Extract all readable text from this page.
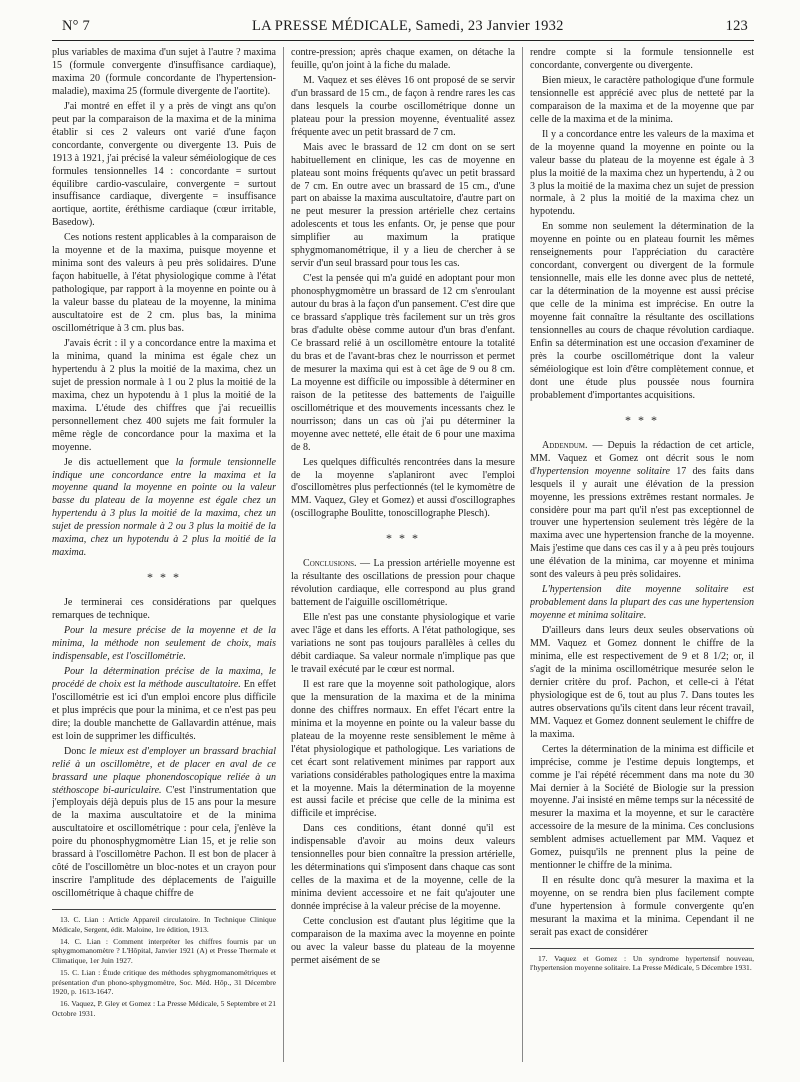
N° 7	LA PRESSE MÉDICALE, Samedi, 23 Janvier 1932	123

plus variables de maxima d'un sujet à l'autre ? maxima 15 (formule convergente d'insuffisance cardiaque), maxima 20 (formule concordante de l'hypertension-maladie), maxima 25 (formule divergente de l'aortite).

J'ai montré en effet il y a près de vingt ans qu'on peut par la comparaison de la maxima et de la minima établir si ces 2 valeurs ont varié d'une façon concordante, convergente ou divergente 13. Puis de 1913 à 1921, j'ai précisé la valeur séméiologique de ces formules tensionnelles 14 : concordante = surtout équilibre cardio-vasculaire, convergente = surtout insuffisance cardiaque, divergente = insuffisance aortique, aortite, éréthisme cardiaque (cœur irritable, Basedow).

Ces notions restent applicables à la comparaison de la moyenne et de la maxima, puisque moyenne et minima sont des valeurs à peu près solidaires. D'une façon habituelle, à l'état physiologique comme à l'état pathologique, par rapport à la moyenne en pointe ou à la valeur basse du plateau de la moyenne, la minima auscultatoire est de 2 cm. plus bas, la minima oscillométrique à 3 cm. plus bas.

J'avais écrit : il y a concordance entre la maxima et la minima, quand la minima est égale chez un hypertendu à 2 plus la moitié de la maxima, chez un sujet de pression normale à 1 ou 2 plus la moitié de la maxima, chez un hypotendu à 1 plus la moitié de la maxima. L'étude des chiffres que j'ai recueillis personnellement chez 400 sujets me fait formuler la même règle de concordance pour la maxima et la moyenne.

Je dis actuellement que la formule tensionnelle indique une concordance entre la maxima et la moyenne quand la moyenne en pointe ou la valeur basse du plateau de la moyenne est égale chez un hypertendu à 3 plus la moitié de la maxima, chez un sujet de pression normale à 2 ou 3 plus la moitié de la maxima, chez un hypotendu à 2 plus la moitié de la maxima.

* * *

Je terminerai ces considérations par quelques remarques de technique.

Pour la mesure précise de la moyenne et de la minima, la méthode non seulement de choix, mais indispensable, est l'oscillométrie.

Pour la détermination précise de la maxima, le procédé de choix est la méthode auscultatoire. En effet l'oscillométrie est ici d'un emploi encore plus difficile et plus imprécis que pour la minima, et ce n'est pas peu dire; la double manchette de Gallavardin atténue, mais est loin de supprimer les difficultés.

Donc le mieux est d'employer un brassard brachial relié à un oscillomètre, et de placer en aval de ce brassard une plaque phonendoscopique reliée à un stéthoscope bi-auriculaire. C'est l'instrumentation que j'employais déjà depuis plus de 15 ans pour la mesure de la maxima auscultatoire et de la minima auscultatoire et oscillométrique : pour cela, j'enlève la poire du phonosphygmomètre Lian 15, et je relie son brassard à l'oscillomètre Pachon. Il est bon de placer à côté de l'oscillomètre un bloc-notes et un crayon pour inscrire l'amplitude des déplacements de l'aiguille oscillométrique à chaque chiffre de

13. C. Lian : Article Appareil circulatoire. In Technique Clinique Médicale, Sergent, édit. Maloine, 1re édition, 1913.

14. C. Lian : Comment interpréter les chiffres fournis par un sphygmomanomètre ? L'Hôpital, Janvier 1921 (A) et Presse Thermale et Climatique, 1er Juin 1927.

15. C. Lian : Étude critique des méthodes sphygmomanométriques et présentation d'un phono-sphygmomètre, Soc. Méd. Hôp., 31 Décembre 1920, p. 1613-1647.

16. Vaquez, P. Gley et Gomez : La Presse Médicale, 5 Septembre et 21 Octobre 1931.

contre-pression; après chaque examen, on détache la feuille, qu'on joint à la fiche du malade.

M. Vaquez et ses élèves 16 ont proposé de se servir d'un brassard de 15 cm., de façon à rendre rares les cas dans lesquels la courbe oscillométrique donne un plateau pour la pression moyenne, éventualité assez fréquente avec un petit brassard de 7 cm.

Mais avec le brassard de 12 cm dont on se sert habituellement en clinique, les cas de moyenne en plateau sont moins fréquents qu'avec un petit brassard de 7 cm. En outre avec un brassard de 15 cm., d'une part on abaisse la maxima auscultatoire, d'autre part on ne peut mesurer la pression artérielle chez certains adolescents et tous les enfants. Or, je pense que pour simplifier au maximum la pratique sphygmomanométrique, il y a lieu de chercher à se servir d'un seul brassard pour tous les cas.

C'est la pensée qui m'a guidé en adoptant pour mon phonosphygmomètre un brassard de 12 cm s'enroulant autour du bras à la façon d'un pansement. C'est dire que ce brassard s'applique très facilement sur un très gros bras d'adulte obèse comme autour d'un bras d'enfant. Ce brassard relié à un oscillomètre entoure la totalité du bras et de l'avant-bras chez le nourrisson et permet de mesurer la maxima qui est à cet âge de 9 ou 8 cm. La moyenne est difficile ou impossible à déterminer en raison de la petitesse des battements de l'aiguille oscillométrique et des mouvements incessants chez le nourrisson; dans un cas où j'ai pu déterminer la moyenne avec netteté, elle était de 6 pour une maxima de 8.

Les quelques difficultés rencontrées dans la mesure de la moyenne s'aplaniront avec l'emploi d'oscillomètres plus perfectionnés (tel le kymomètre de MM. Vaquez, Gley et Gomez) et aussi d'oscillographes (oscillographe Boulitte, tonoscillographe Plesch).

* * *

Conclusions. — La pression artérielle moyenne est la résultante des oscillations de pression pour chaque révolution cardiaque, elle correspond au plus grand battement de l'aiguille oscillométrique.

Elle n'est pas une constante physiologique et varie avec l'âge et dans les efforts. A l'état pathologique, ses variations ne sont pas toujours parallèles à celles du débit cardiaque. Sa valeur normale n'implique pas que le travail exécuté par le cœur est normal.

Il est rare que la moyenne soit pathologique, alors que la mensuration de la maxima et de la minima donne des chiffres normaux. En effet l'écart entre la minima et la moyenne en pointe ou la valeur basse du plateau de la moyenne reste sensiblement le même à l'état physiologique et pathologique. Les variations de cet écart sont relativement minimes par rapport aux variations considérables pathologiques entre la maxima et la moyenne. Mais la détermination de la moyenne est aussi facile et précise que celle de la minima est difficile et imprécise.

Dans ces conditions, étant donné qu'il est indispensable d'avoir au moins deux valeurs tensionnelles pour bien connaître la pression artérielle, les déterminations qui s'imposent dans chaque cas sont celles de la maxima et de la moyenne, celle de la minima devient accessoire et ne fait qu'ajouter une donnée imprécise à la valeur précise de la moyenne.

Cette conclusion est d'autant plus légitime que la comparaison de la maxima avec la moyenne en pointe ou avec la valeur basse du plateau de la moyenne permet aisément de se

rendre compte si la formule tensionnelle est concordante, convergente ou divergente.

Bien mieux, le caractère pathologique d'une formule tensionnelle est apprécié avec plus de netteté par la comparaison de la maxima et de la moyenne que par celle de la maxima et de la minima.

Il y a concordance entre les valeurs de la maxima et de la moyenne quand la moyenne en pointe ou la valeur basse du plateau de la moyenne est égale à 3 plus la moitié de la maxima chez un hypertendu, à 2 ou 3 plus la moitié de la maxima chez un sujet de pression normale, à 2 plus la moitié de la maxima chez un hypotendu.

En somme non seulement la détermination de la moyenne en pointe ou en plateau fournit les mêmes renseignements pour l'appréciation du caractère concordant, convergent ou divergent de la formule tensionnelle, mais elle les donne avec plus de netteté, car la détermination de la moyenne est aussi précise que celle de la minima est imprécise. En outre la moyenne fait connaître la résultante des oscillations tensionnelles au cours de chaque révolution cardiaque. Enfin sa détermination est une occasion d'examiner de près la courbe oscillométrique dont la valeur séméiologique est loin d'être complètement connue, et dont une étude plus poussée nous fournira probablement d'importantes acquisitions.

* * *

Addendum. — Depuis la rédaction de cet article, MM. Vaquez et Gomez ont décrit sous le nom d'hypertension moyenne solitaire 17 des faits dans lesquels il y aurait une élévation de la pression moyenne, les pressions extrêmes restant normales. Je considère pour ma part qu'il n'est pas exceptionnel de trouver une hypertension seulement très légère de la maxima avec une hypertension franche de la moyenne. Mais j'estime que dans ces cas il y a à peu près toujours une élévation de la minima, car moyenne et minima sont des valeurs à peu près solidaires.

L'hypertension dite moyenne solitaire est probablement dans la plupart des cas une hypertension moyenne et minima solitaire.

D'ailleurs dans leurs deux seules observations où MM. Vaquez et Gomez donnent le chiffre de la minima, elle est respectivement de 9 et 8 1/2; or, il s'agit de la minima oscillométrique mesurée selon le dernier critère du prof. Pachon, et celle-ci à l'état physiologique est de 6, tout au plus 7. Dans toutes les autres observations qu'ils citent dans leur récent travail, MM. Vaquez et Gomez donnent seulement le chiffre de la maxima.

Certes la détermination de la minima est difficile et imprécise, comme je l'estime depuis longtemps, et comme je l'ai répété récemment dans ma note du 30 Mai dernier à la Société de Biologie sur la pression moyenne. J'ai insisté en même temps sur la nécessité de mesurer la maxima et la moyenne, et sur le caractère accessoire de la mesure de la minima. Ces conclusions semblent admises actuellement par MM. Vaquez et Gomez, puisqu'ils ne prennent plus la peine de mentionner le chiffre de la minima.

Il en résulte donc qu'à mesurer la maxima et la moyenne, on se rendra bien plus facilement compte d'une hypertension à formule convergente qu'en mesurant la maxima et la minima. Cependant il ne serait pas exact de considérer

17. Vaquez et Gomez : Un syndrome hypertensif nouveau, l'hypertension moyenne solitaire. La Presse Médicale, 5 Décembre 1931.
